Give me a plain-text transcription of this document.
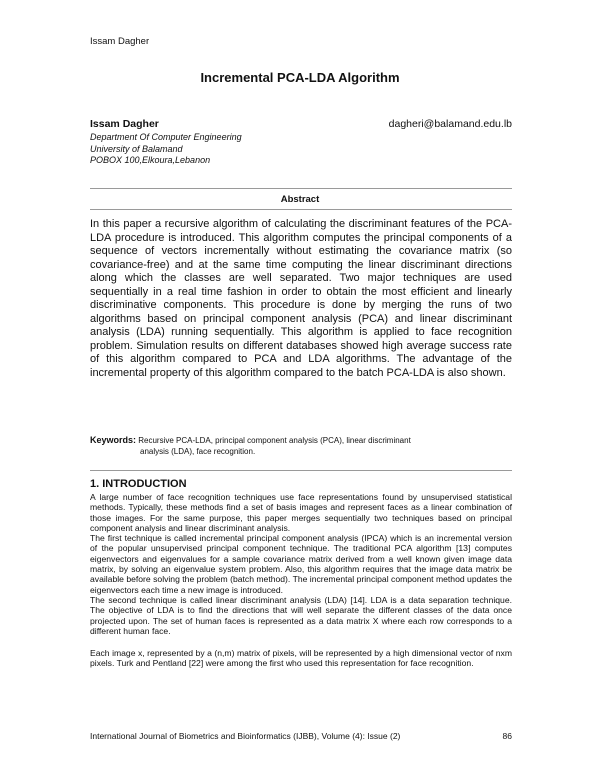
Issam Dagher
Incremental PCA-LDA Algorithm
Issam Dagher	dagheri@balamand.edu.lb
Department Of Computer Engineering
University of Balamand
POBOX 100,Elkoura,Lebanon
Abstract
In this paper a recursive algorithm of calculating the discriminant features of the PCA-LDA procedure is introduced. This algorithm computes the principal components of a sequence of vectors incrementally without estimating the covariance matrix (so covariance-free) and at the same time computing the linear discriminant directions along which the classes are well separated. Two major techniques are used sequentially in a real time fashion in order to obtain the most efficient and linearly discriminative components. This procedure is done by merging the runs of two algorithms based on principal component analysis (PCA) and linear discriminant analysis (LDA) running sequentially. This algorithm is applied to face recognition problem. Simulation results on different databases showed high average success rate of this algorithm compared to PCA and LDA algorithms. The advantage of the incremental property of this algorithm compared to the batch PCA-LDA is also shown.
Keywords: Recursive PCA-LDA, principal component analysis (PCA), linear discriminant
analysis (LDA), face recognition.
1. INTRODUCTION

A large number of face recognition techniques use face representations found by unsupervised statistical methods. Typically, these methods find a set of basis images and represent faces as a linear combination of those images. For the same purpose, this paper merges sequentially two techniques based on principal component analysis and linear discriminant analysis.

The first technique is called incremental principal component analysis (IPCA) which is an incremental version of the popular unsupervised principal component technique. The traditional PCA algorithm [13] computes eigenvectors and eigenvalues for a sample covariance matrix derived from a well known given image data matrix, by solving an eigenvalue system problem. Also, this algorithm requires that the image data matrix be available before solving the problem (batch method). The incremental principal component method updates the eigenvectors each time a new image is introduced.

The second technique is called linear discriminant analysis (LDA) [14]. LDA is a data separation technique. The objective of LDA is to find the directions that will well separate the different classes of the data once projected upon. The set of human faces is represented as a data matrix X where each row corresponds to a different human face.

Each image x, represented by a (n,m) matrix of pixels, will be represented by a high dimensional vector of nxm pixels. Turk and Pentland [22] were among the first who used this representation for face recognition.

International Journal of Biometrics and Bioinformatics (IJBB), Volume (4): Issue (2)	86
